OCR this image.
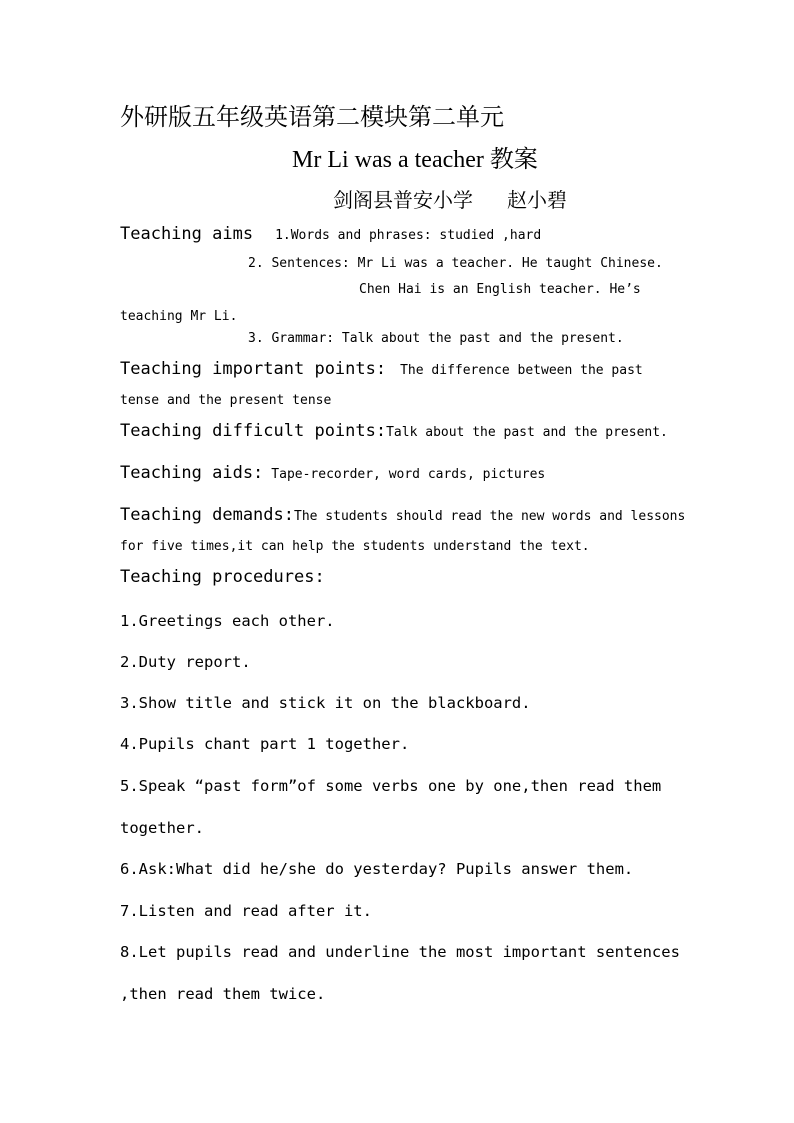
外研版五年级英语第二模块第二单元
Mr Li was a teacher 教案
剑阁县普安小学 赵小碧
Teaching aims 1.Words and phrases: studied ,hard
2. Sentences: Mr Li was a teacher. He taught Chinese.
Chen Hai is an English teacher. He’s
teaching Mr Li.
3. Grammar: Talk about the past and the present.
Teaching important points: The difference between the past
tense and the present tense
Teaching difficult points:Talk about the past and the present.
Teaching aids: Tape-recorder, word cards, pictures
Teaching demands:The students should read the new words and lessons
for five times,it can help the students understand the text.
Teaching procedures:
1.Greetings each other.
2.Duty report.
3.Show title and stick it on the blackboard.
4.Pupils chant part 1 together.
5.Speak “past form”of some verbs one by one,then read them
together.
6.Ask:What did he/she do yesterday? Pupils answer them.
7.Listen and read after it.
8.Let pupils read and underline the most important sentences
,then read them twice.
